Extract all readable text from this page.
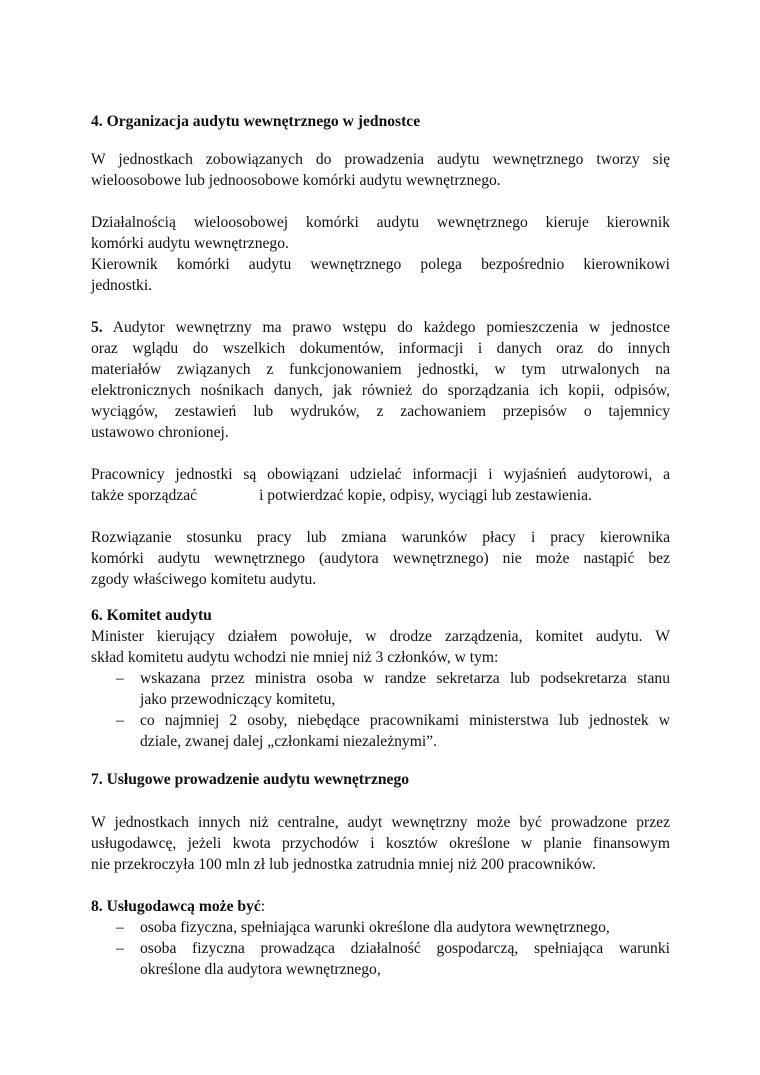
4. Organizacja audytu wewnętrznego w jednostce
W jednostkach zobowiązanych do prowadzenia audytu wewnętrznego tworzy się
wieloosobowe lub jednoosobowe komórki audytu wewnętrznego.
Działalnością wieloosobowej komórki audytu wewnętrznego kieruje kierownik
komórki audytu wewnętrznego.
Kierownik komórki audytu wewnętrznego polega bezpośrednio kierownikowi
jednostki.
5. Audytor wewnętrzny ma prawo wstępu do każdego pomieszczenia w jednostce
oraz wglądu do wszelkich dokumentów, informacji i danych oraz do innych
materiałów związanych z funkcjonowaniem jednostki, w tym utrwalonych na
elektronicznych nośnikach danych, jak również do sporządzania ich kopii, odpisów,
wyciągów, zestawień lub wydruków, z zachowaniem przepisów o tajemnicy
ustawowo chronionej.
Pracownicy jednostki są obowiązani udzielać informacji i wyjaśnień audytorowi, a
także sporządzać	i potwierdzać kopie, odpisy, wyciągi lub zestawienia.
Rozwiązanie stosunku pracy lub zmiana warunków płacy i pracy kierownika
komórki audytu wewnętrznego (audytora wewnętrznego) nie może nastąpić bez
zgody właściwego komitetu audytu.
6. Komitet audytu
Minister kierujący działem powołuje, w drodze zarządzenia, komitet audytu. W
skład komitetu audytu wchodzi nie mniej niż 3 członków, w tym:
–	wskazana przez ministra osoba w randze sekretarza lub podsekretarza stanu
jako przewodniczący komitetu,
–	co najmniej 2 osoby, niebędące pracownikami ministerstwa lub jednostek w
dziale, zwanej dalej „członkami niezależnymi”.
7. Usługowe prowadzenie audytu wewnętrznego
W jednostkach innych niż centralne, audyt wewnętrzny może być prowadzone przez
usługodawcę, jeżeli kwota przychodów i kosztów określone w planie finansowym
nie przekroczyła 100 mln zł lub jednostka zatrudnia mniej niż 200 pracowników.
8. Usługodawcą może być:
–	osoba fizyczna, spełniająca warunki określone dla audytora wewnętrznego,
–	osoba fizyczna prowadząca działalność gospodarczą, spełniająca warunki
określone dla audytora wewnętrznego,
